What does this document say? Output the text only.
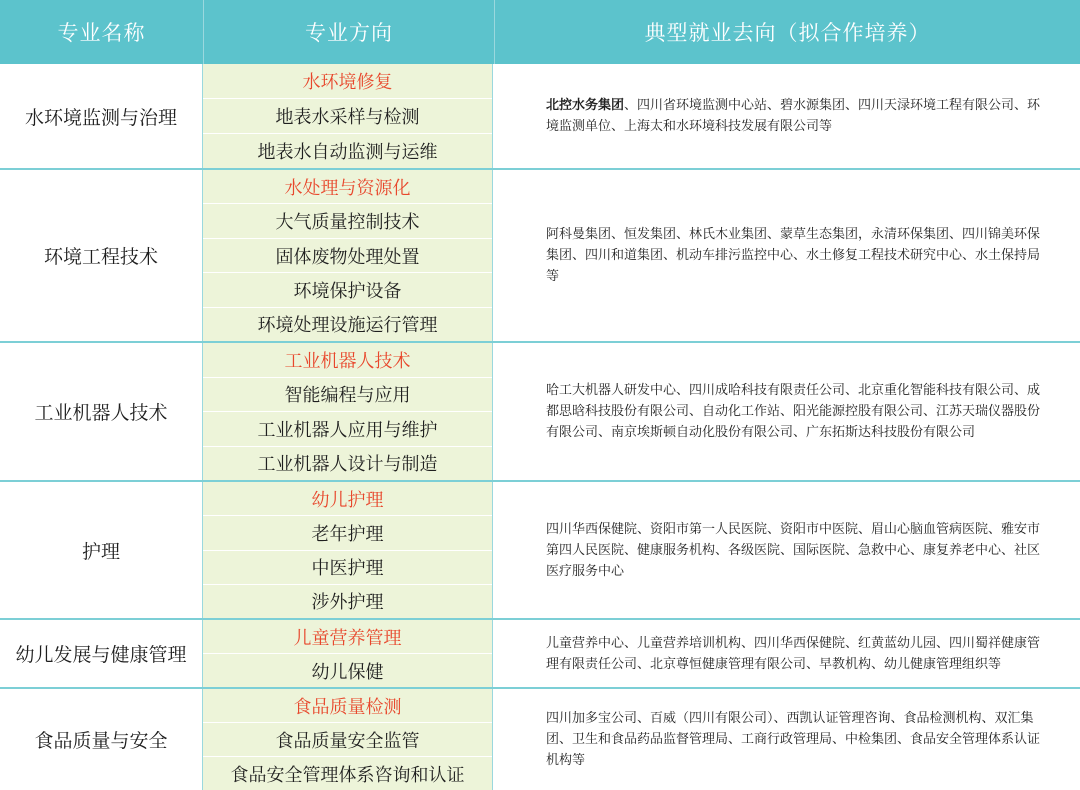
专业名称	专业方向	典型就业去向（拟合作培养）
水环境监测与治理
水环境修复
地表水采样与检测
地表水自动监测与运维
北控水务集团、四川省环境监测中心站、碧水源集团、四川天渌环境工程有限公司、环境监测单位、上海太和水环境科技发展有限公司等
环境工程技术
水处理与资源化
大气质量控制技术
固体废物处理处置
环境保护设备
环境处理设施运行管理
阿科曼集团、恒发集团、林氏木业集团、蒙草生态集团，永清环保集团、四川锦美环保集团、四川和道集团、机动车排污监控中心、水土修复工程技术研究中心、水土保持局等
工业机器人技术
工业机器人技术
智能编程与应用
工业机器人应用与维护
工业机器人设计与制造
哈工大机器人研发中心、四川成哈科技有限责任公司、北京重化智能科技有限公司、成都思晗科技股份有限公司、自动化工作站、阳光能源控股有限公司、江苏天瑞仪器股份有限公司、南京埃斯顿自动化股份有限公司、广东拓斯达科技股份有限公司
护理
幼儿护理
老年护理
中医护理
涉外护理
四川华西保健院、资阳市第一人民医院、资阳市中医院、眉山心脑血管病医院、雅安市第四人民医院、健康服务机构、各级医院、国际医院、急救中心、康复养老中心、社区医疗服务中心
幼儿发展与健康管理
儿童营养管理
幼儿保健
儿童营养中心、儿童营养培训机构、四川华西保健院、红黄蓝幼儿园、四川蜀祥健康管理有限责任公司、北京尊恒健康管理有限公司、早教机构、幼儿健康管理组织等
食品质量与安全
食品质量检测
食品质量安全监管
食品安全管理体系咨询和认证
四川加多宝公司、百威（四川有限公司）、西凯认证管理咨询、食品检测机构、双汇集团、卫生和食品药品监督管理局、工商行政管理局、中检集团、食品安全管理体系认证机构等
